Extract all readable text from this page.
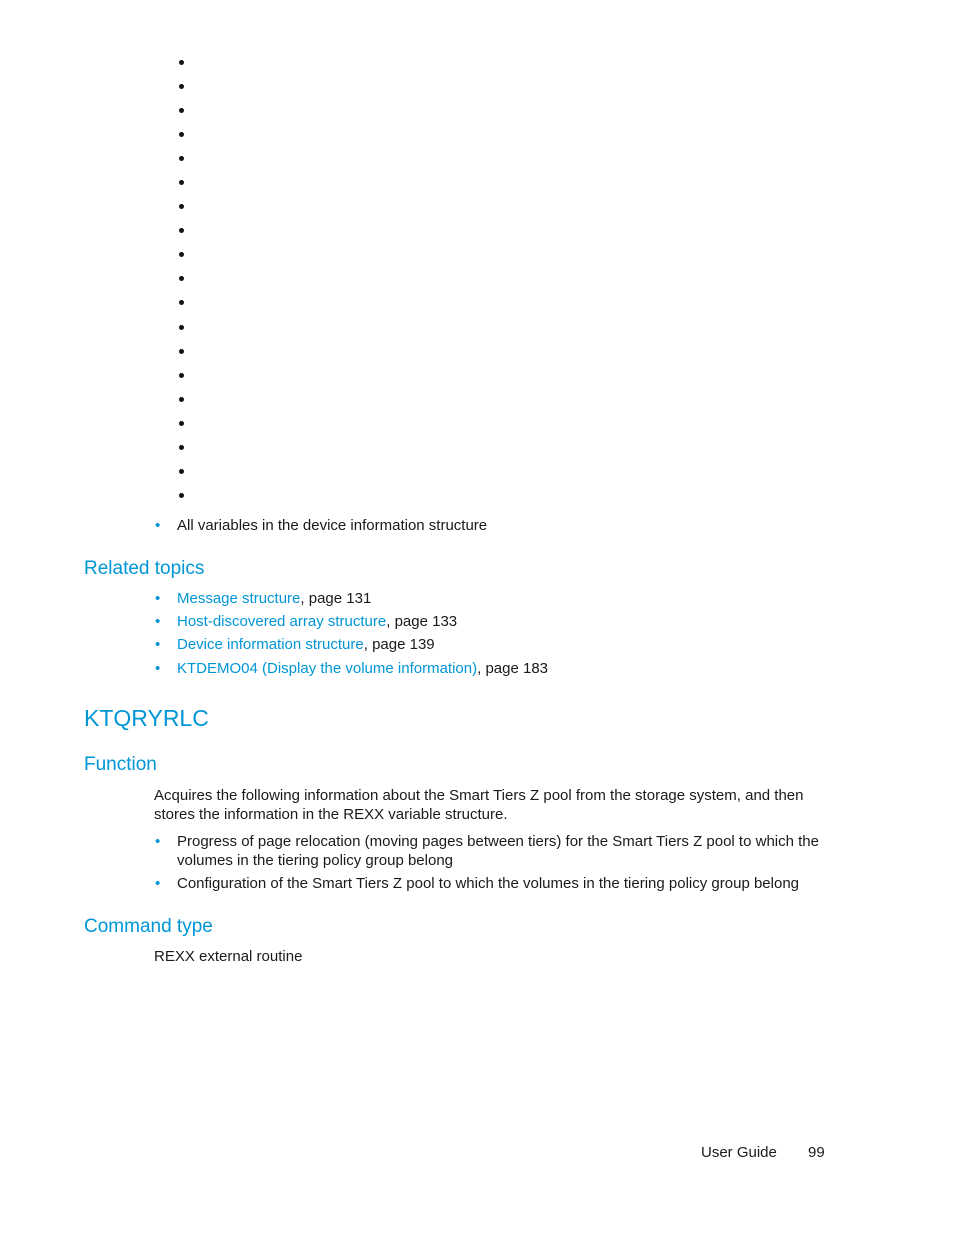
• All variables in the device information structure
Related topics
• Message structure, page 131
• Host-discovered array structure, page 133
• Device information structure, page 139
• KTDEMO04 (Display the volume information), page 183
KTQRYRLC
Function
Acquires the following information about the Smart Tiers Z pool from the storage system, and then
stores the information in the REXX variable structure.
• Progress of page relocation (moving pages between tiers) for the Smart Tiers Z pool to which the
volumes in the tiering policy group belong
• Configuration of the Smart Tiers Z pool to which the volumes in the tiering policy group belong
Command type
REXX external routine
User Guide 99
